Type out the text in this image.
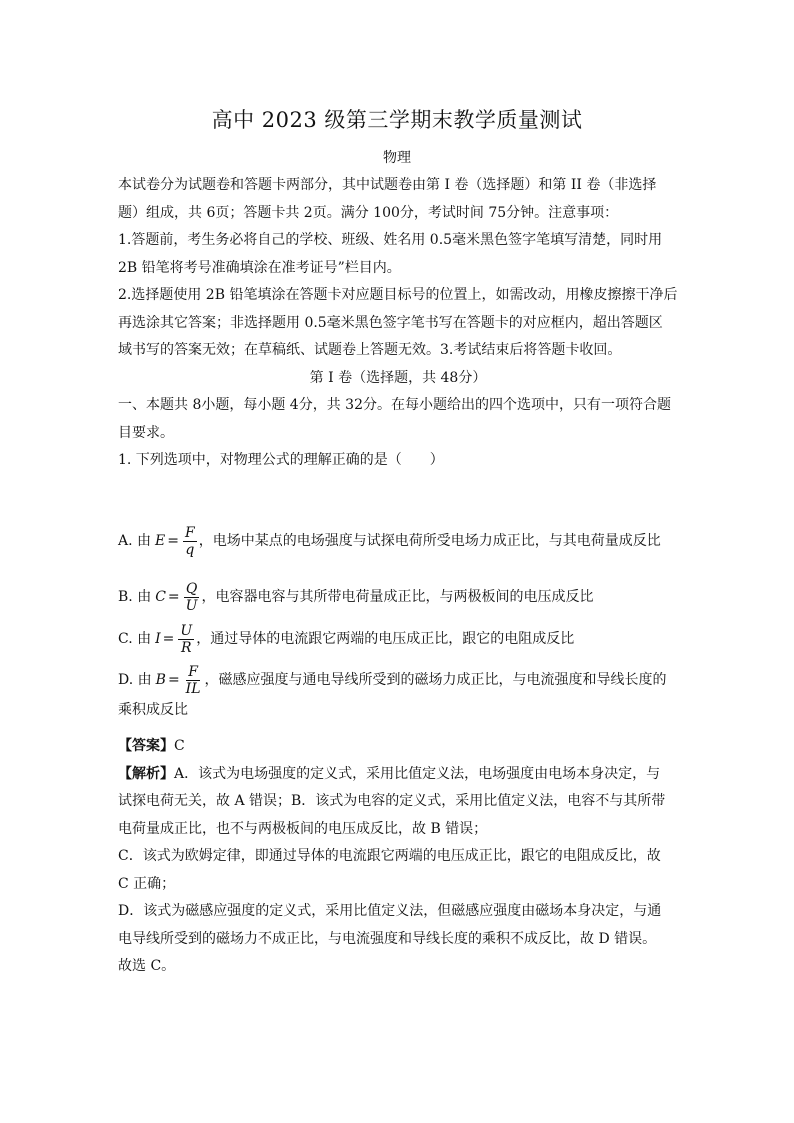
高中 2023 级第三学期末教学质量测试
物理

本试卷分为试题卷和答题卡两部分，其中试题卷由第 I 卷（选择题）和第 II 卷（非选择

题）组成，共 6页；答题卡共 2页。满分 100分，考试时间 75分钟。注意事项：

1.答题前，考生务必将自己的学校、班级、姓名用 0.5毫米黑色签字笔填写清楚，同时用

2B 铅笔将考号准确填涂在准考证号”栏目内。

2.选择题使用 2B 铅笔填涂在答题卡对应题目标号的位置上，如需改动，用橡皮擦擦干净后

再选涂其它答案；非选择题用 0.5毫米黑色签字笔书写在答题卡的对应框内，超出答题区

域书写的答案无效；在草稿纸、试题卷上答题无效。3.考试结束后将答题卡收回。

第 I 卷（选择题，共 48分）

一、本题共 8小题，每小题 4分，共 32分。在每小题给出的四个选项中，只有一项符合题

目要求。

1. 下列选项中，对物理公式的理解正确的是（　　）

A. 由 $E = \frac{F}{q}$ ，电场中某点的电场强度与试探电荷所受电场力成正比，与其电荷量成反比
B. 由 $C = \frac{Q}{U}$ ，电容器电容与其所带电荷量成正比，与两极板间的电压成反比
C. 由 $I = \frac{U}{R}$ ，通过导体的电流跟它两端的电压成正比，跟它的电阻成反比
D. 由 $B = \frac{F}{IL}$ ，磁感应强度与通电导线所受到的磁场力成正比，与电流强度和导线长度的
乘积成反比

【答案】C

【解析】A．该式为电场强度的定义式，采用比值定义法，电场强度由电场本身决定，与

试探电荷无关，故 A 错误；B．该式为电容的定义式，采用比值定义法，电容不与其所带

电荷量成正比，也不与两极板间的电压成反比，故 B 错误；

C．该式为欧姆定律，即通过导体的电流跟它两端的电压成正比，跟它的电阻成反比，故

C 正确；

D．该式为磁感应强度的定义式，采用比值定义法，但磁感应强度由磁场本身决定，与通

电导线所受到的磁场力不成正比，与电流强度和导线长度的乘积不成反比，故 D 错误。

故选 C。
